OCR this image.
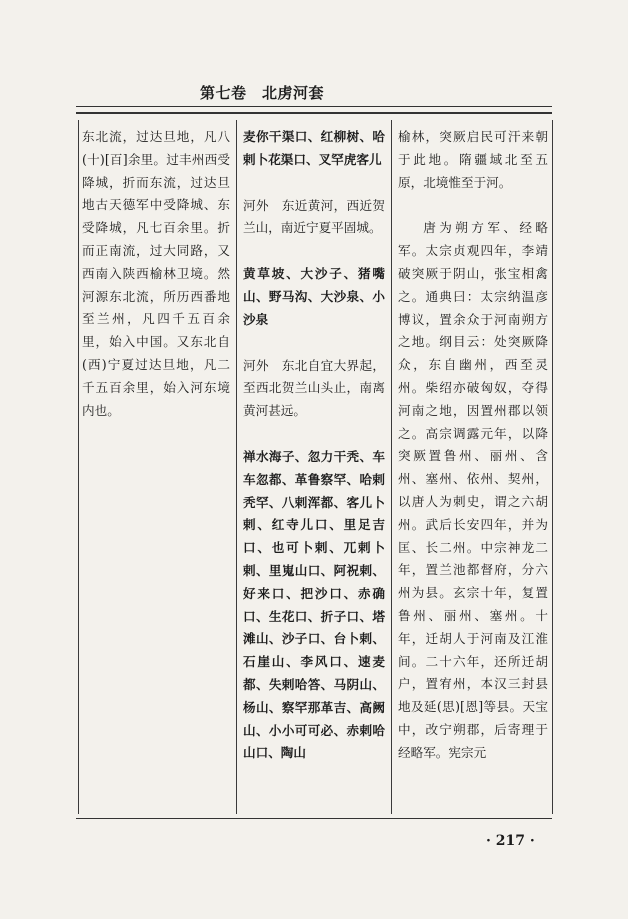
第七卷　北虏河套

东北流，过达旦地，凡八(十)[百]余里。过丰州西受降城，折而东流，过达旦地古天德军中受降城、东受降城，凡七百余里。折而正南流，过大同路，又西南入陕西榆林卫境。然河源东北流，所历西番地至兰州，凡四千五百余里，始入中国。又东北自(西)宁夏过达旦地，凡二千五百余里，始入河东境内也。

麦你干渠口、红柳树、哈剌卜花渠口、叉罕虎客儿

河外　东近黄河，西近贺兰山，南近宁夏平固城。

黄草坡、大沙子、猪嘴山、野马沟、大沙泉、小沙泉

河外　东北自宜大界起，至西北贺兰山头止，南离黄河甚远。

禅水海子、忽力干秃、车车忽都、革鲁察罕、哈剌秃罕、八剌浑都、客儿卜剌、红寺儿口、里足吉口、也可卜剌、兀剌卜剌、里嵬山口、阿祝剌、好来口、把沙口、赤确口、生花口、折子口、塔滩山、沙子口、台卜剌、石崖山、李风口、速麦都、失剌哈答、马阴山、杨山、察罕那革吉、高阙山、小小可可必、赤剌哈山口、陶山

榆林，突厥启民可汗来朝于此地。隋疆域北至五原，北境惟至于河。

唐为朔方军、经略军。太宗贞观四年，李靖破突厥于阴山，张宝相禽之。通典曰：太宗纳温彦博议，置余众于河南朔方之地。纲目云：处突厥降众，东自幽州，西至灵州。柴绍亦破匈奴，夺得河南之地，因置州郡以领之。高宗调露元年，以降突厥置鲁州、丽州、含州、塞州、依州、契州，以唐人为刺史，谓之六胡州。武后长安四年，并为匡、长二州。中宗神龙二年，置兰池都督府，分六州为县。玄宗十年，复置鲁州、丽州、塞州。十年，迁胡人于河南及江淮间。二十六年，还所迁胡户，置宥州，本汉三封县地及延(思)[恩]等县。天宝中，改宁朔郡，后寄理于经略军。宪宗元

· 217 ·
